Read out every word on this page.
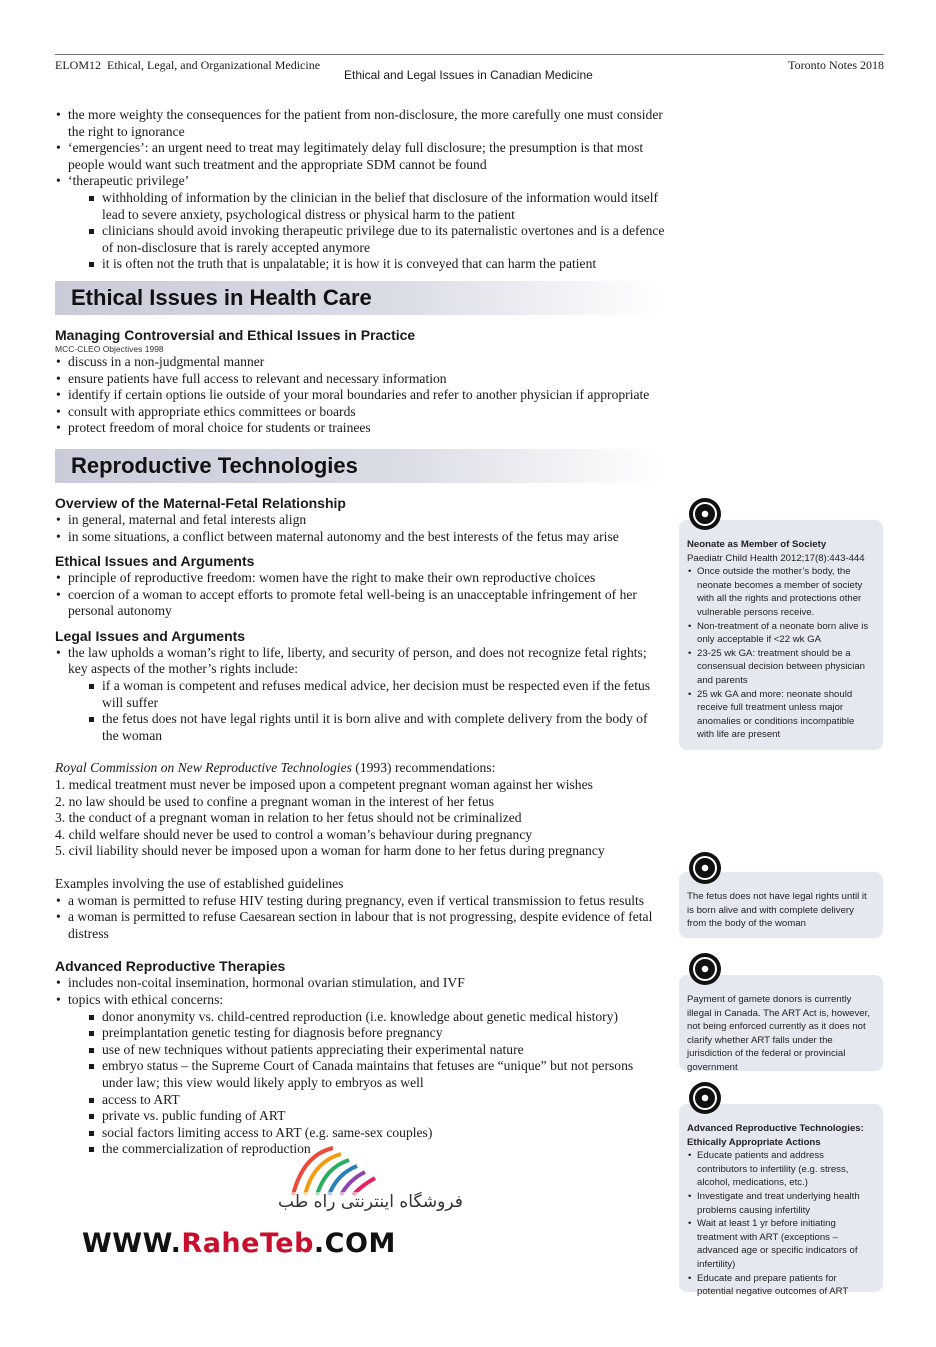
ELOM12 Ethical, Legal, and Organizational Medicine
Ethical and Legal Issues in Canadian Medicine
Toronto Notes 2018
• the more weighty the consequences for the patient from non-disclosure, the more carefully one must consider the right to ignorance
• ‘emergencies’: an urgent need to treat may legitimately delay full disclosure; the presumption is that most people would want such treatment and the appropriate SDM cannot be found
• ‘therapeutic privilege’
withholding of information by the clinician in the belief that disclosure of the information would itself lead to severe anxiety, psychological distress or physical harm to the patient
clinicians should avoid invoking therapeutic privilege due to its paternalistic overtones and is a defence of non-disclosure that is rarely accepted anymore
it is often not the truth that is unpalatable; it is how it is conveyed that can harm the patient
Ethical Issues in Health Care
Managing Controversial and Ethical Issues in Practice
MCC-CLEO Objectives 1998
• discuss in a non-judgmental manner
• ensure patients have full access to relevant and necessary information
• identify if certain options lie outside of your moral boundaries and refer to another physician if appropriate
• consult with appropriate ethics committees or boards
• protect freedom of moral choice for students or trainees
Reproductive Technologies
Overview of the Maternal-Fetal Relationship
• in general, maternal and fetal interests align
• in some situations, a conflict between maternal autonomy and the best interests of the fetus may arise
Ethical Issues and Arguments
• principle of reproductive freedom: women have the right to make their own reproductive choices
• coercion of a woman to accept efforts to promote fetal well-being is an unacceptable infringement of her personal autonomy
Legal Issues and Arguments
• the law upholds a woman’s right to life, liberty, and security of person, and does not recognize fetal rights; key aspects of the mother’s rights include:
if a woman is competent and refuses medical advice, her decision must be respected even if the fetus will suffer
the fetus does not have legal rights until it is born alive and with complete delivery from the body of the woman
Royal Commission on New Reproductive Technologies (1993) recommendations:
1. medical treatment must never be imposed upon a competent pregnant woman against her wishes
2. no law should be used to confine a pregnant woman in the interest of her fetus
3. the conduct of a pregnant woman in relation to her fetus should not be criminalized
4. child welfare should never be used to control a woman’s behaviour during pregnancy
5. civil liability should never be imposed upon a woman for harm done to her fetus during pregnancy
Examples involving the use of established guidelines
• a woman is permitted to refuse HIV testing during pregnancy, even if vertical transmission to fetus results
• a woman is permitted to refuse Caesarean section in labour that is not progressing, despite evidence of fetal distress
Advanced Reproductive Therapies
• includes non-coital insemination, hormonal ovarian stimulation, and IVF
• topics with ethical concerns:
donor anonymity vs. child-centred reproduction (i.e. knowledge about genetic medical history)
preimplantation genetic testing for diagnosis before pregnancy
use of new techniques without patients appreciating their experimental nature
embryo status – the Supreme Court of Canada maintains that fetuses are “unique” but not persons under law; this view would likely apply to embryos as well
access to ART
private vs. public funding of ART
social factors limiting access to ART (e.g. same-sex couples)
the commercialization of reproduction
Neonate as Member of Society
Paediatr Child Health 2012;17(8):443-444
• Once outside the mother’s body, the neonate becomes a member of society with all the rights and protections other vulnerable persons receive.
• Non-treatment of a neonate born alive is only acceptable if <22 wk GA
• 23-25 wk GA: treatment should be a consensual decision between physician and parents
• 25 wk GA and more: neonate should receive full treatment unless major anomalies or conditions incompatible with life are present
The fetus does not have legal rights until it is born alive and with complete delivery from the body of the woman
Payment of gamete donors is currently illegal in Canada. The ART Act is, however, not being enforced currently as it does not clarify whether ART falls under the jurisdiction of the federal or provincial government
Advanced Reproductive Technologies: Ethically Appropriate Actions
• Educate patients and address contributors to infertility (e.g. stress, alcohol, medications, etc.)
• Investigate and treat underlying health problems causing infertility
• Wait at least 1 yr before initiating treatment with ART (exceptions – advanced age or specific indicators of infertility)
• Educate and prepare patients for potential negative outcomes of ART
فروشگاه اینترنتی راه طب
WWW.RaheTeb.COM
